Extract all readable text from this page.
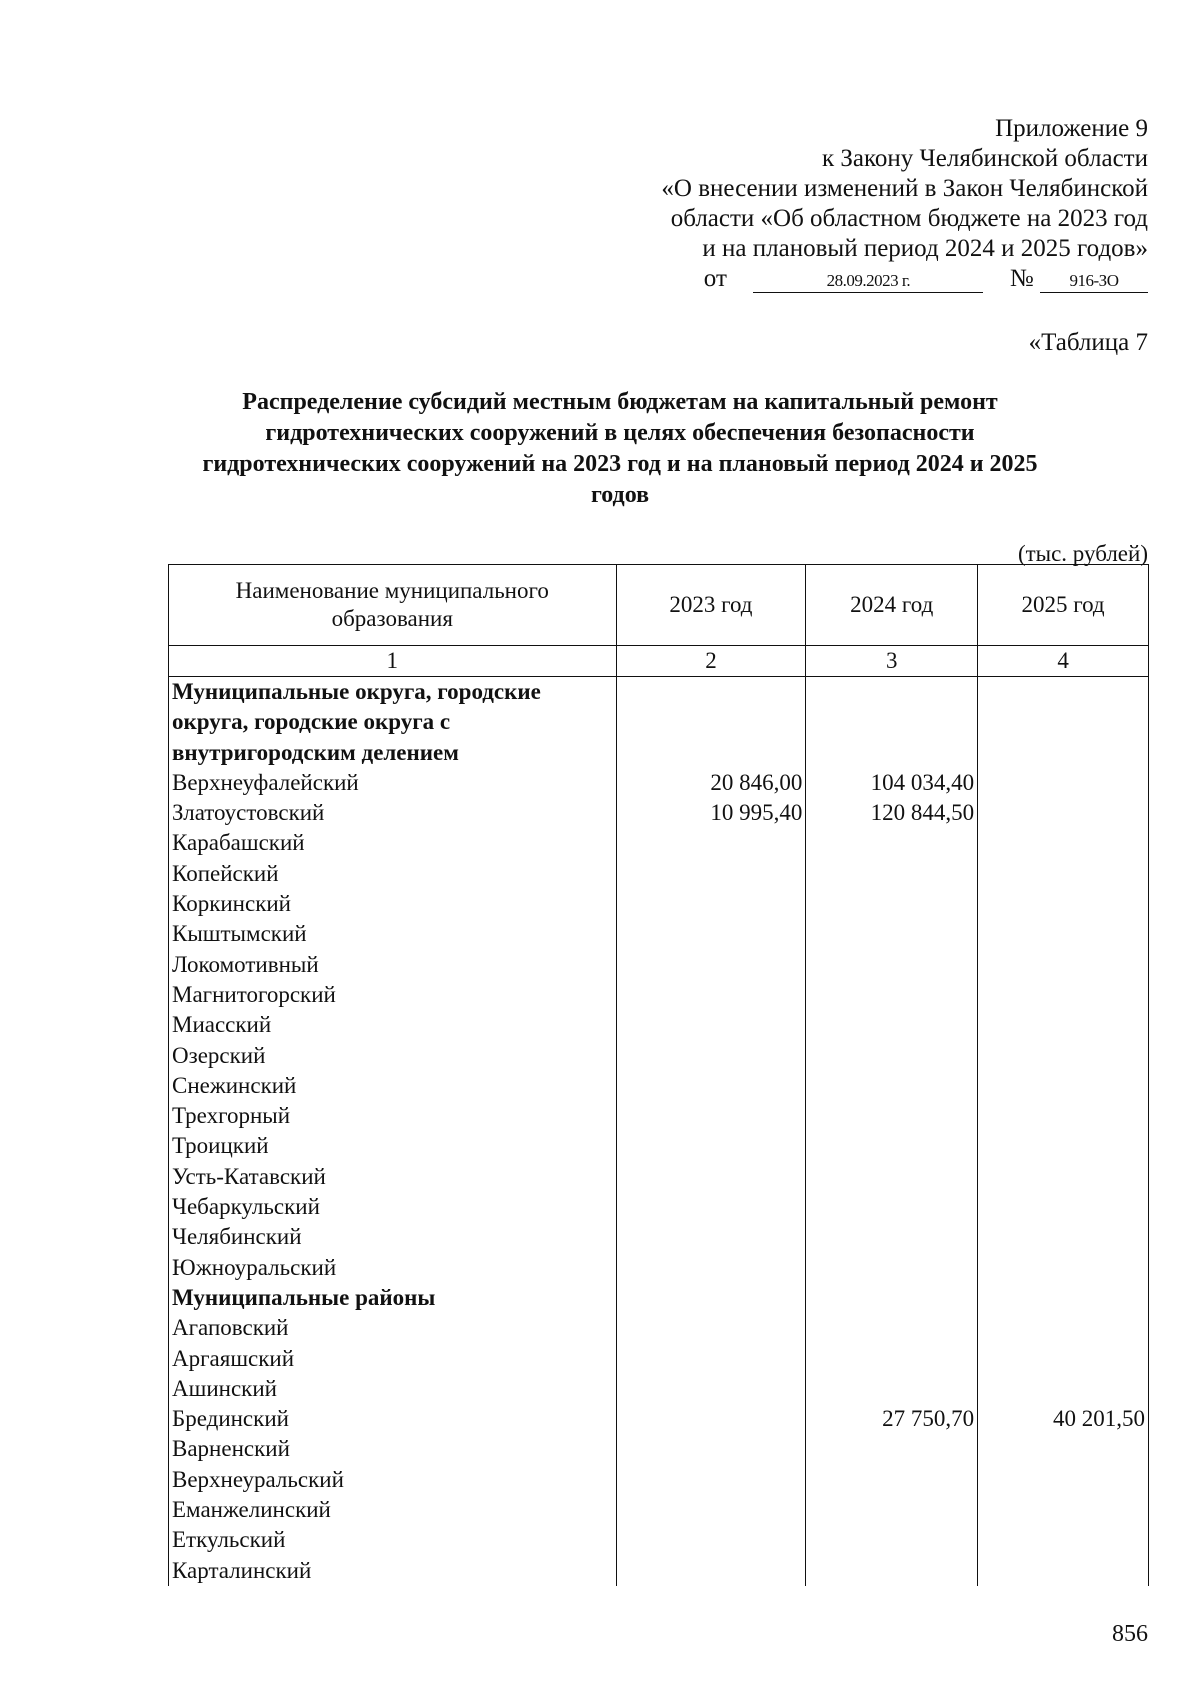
Приложение 9
к Закону Челябинской области
«О внесении изменений в Закон Челябинской
области «Об областном бюджете на 2023 год
и на плановый период 2024 и 2025 годов»
от	28.09.2023 г.	№ 916-ЗО
«Таблица 7
Распределение субсидий местным бюджетам на капитальный ремонт
гидротехнических сооружений в целях обеспечения безопасности
гидротехнических сооружений на 2023 год и на плановый период 2024 и 2025
годов
(тыс. рублей)
Наименование муниципального образования	2023 год	2024 год	2025 год
1	2	3	4
Муниципальные округа, городские округа, городские округа с внутригородским делением			
Верхнеуфалейский	20 846,00	104 034,40	
Златоустовский	10 995,40	120 844,50	
Карабашский			
Копейский			
Коркинский			
Кыштымский			
Локомотивный			
Магнитогорский			
Миасский			
Озерский			
Снежинский			
Трехгорный			
Троицкий			
Усть-Катавский			
Чебаркульский			
Челябинский			
Южноуральский			
Муниципальные районы			
Агаповский			
Аргаяшский			
Ашинский			
Брединский		27 750,70	40 201,50
Варненский			
Верхнеуральский			
Еманжелинский			
Еткульский			
Карталинский			
856
